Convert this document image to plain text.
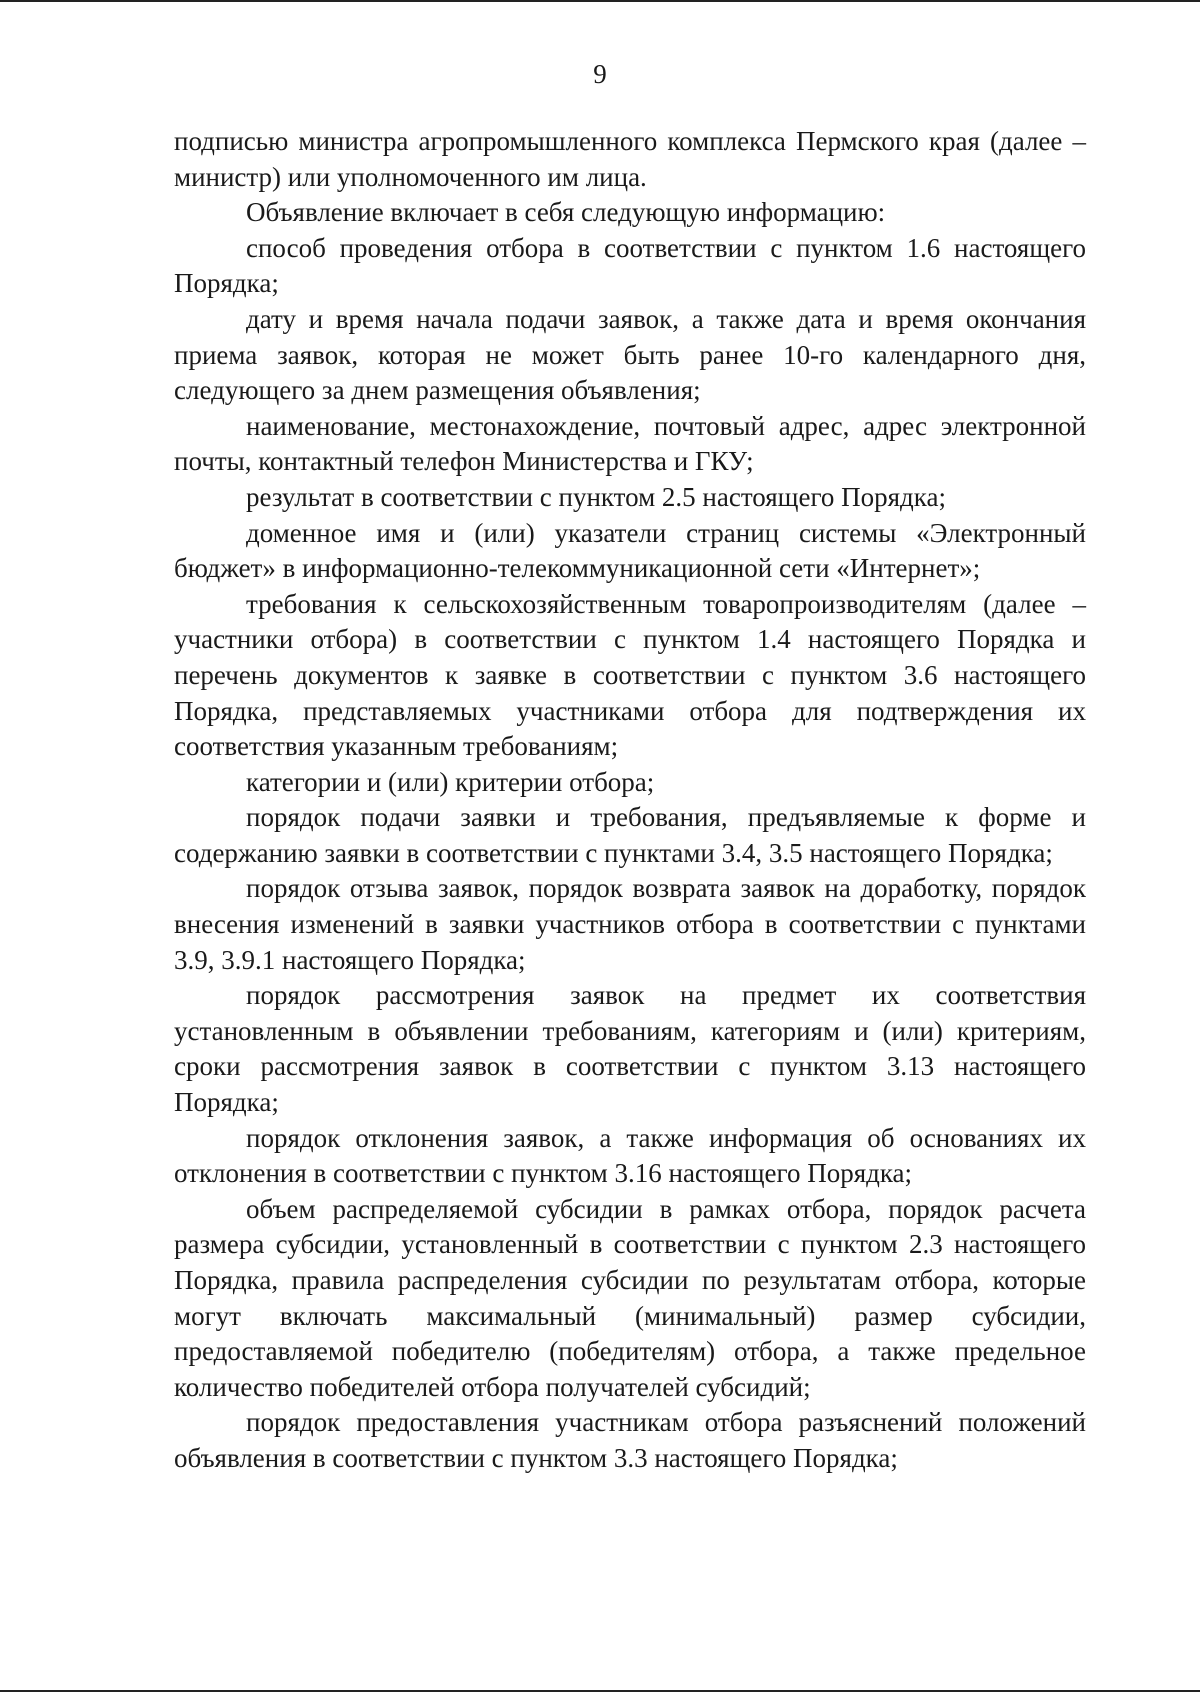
9

подписью министра агропромышленного комплекса Пермского края (далее – министр) или уполномоченного им лица.

Объявление включает в себя следующую информацию:

способ проведения отбора в соответствии с пунктом 1.6 настоящего Порядка;

дату и время начала подачи заявок, а также дата и время окончания приема заявок, которая не может быть ранее 10-го календарного дня, следующего за днем размещения объявления;

наименование, местонахождение, почтовый адрес, адрес электронной почты, контактный телефон Министерства и ГКУ;

результат в соответствии с пунктом 2.5 настоящего Порядка;

доменное имя и (или) указатели страниц системы «Электронный бюджет» в информационно-телекоммуникационной сети «Интернет»;

требования к сельскохозяйственным товаропроизводителям (далее – участники отбора) в соответствии с пунктом 1.4 настоящего Порядка и перечень документов к заявке в соответствии с пунктом 3.6 настоящего Порядка, представляемых участниками отбора для подтверждения их соответствия указанным требованиям;

категории и (или) критерии отбора;

порядок подачи заявки и требования, предъявляемые к форме и содержанию заявки в соответствии с пунктами 3.4, 3.5 настоящего Порядка;

порядок отзыва заявок, порядок возврата заявок на доработку, порядок внесения изменений в заявки участников отбора в соответствии с пунктами 3.9, 3.9.1 настоящего Порядка;

порядок рассмотрения заявок на предмет их соответствия установленным в объявлении требованиям, категориям и (или) критериям, сроки рассмотрения заявок в соответствии с пунктом 3.13 настоящего Порядка;

порядок отклонения заявок, а также информация об основаниях их отклонения в соответствии с пунктом 3.16 настоящего Порядка;

объем распределяемой субсидии в рамках отбора, порядок расчета размера субсидии, установленный в соответствии с пунктом 2.3 настоящего Порядка, правила распределения субсидии по результатам отбора, которые могут включать максимальный (минимальный) размер субсидии, предоставляемой победителю (победителям) отбора, а также предельное количество победителей отбора получателей субсидий;

порядок предоставления участникам отбора разъяснений положений объявления в соответствии с пунктом 3.3 настоящего Порядка;
